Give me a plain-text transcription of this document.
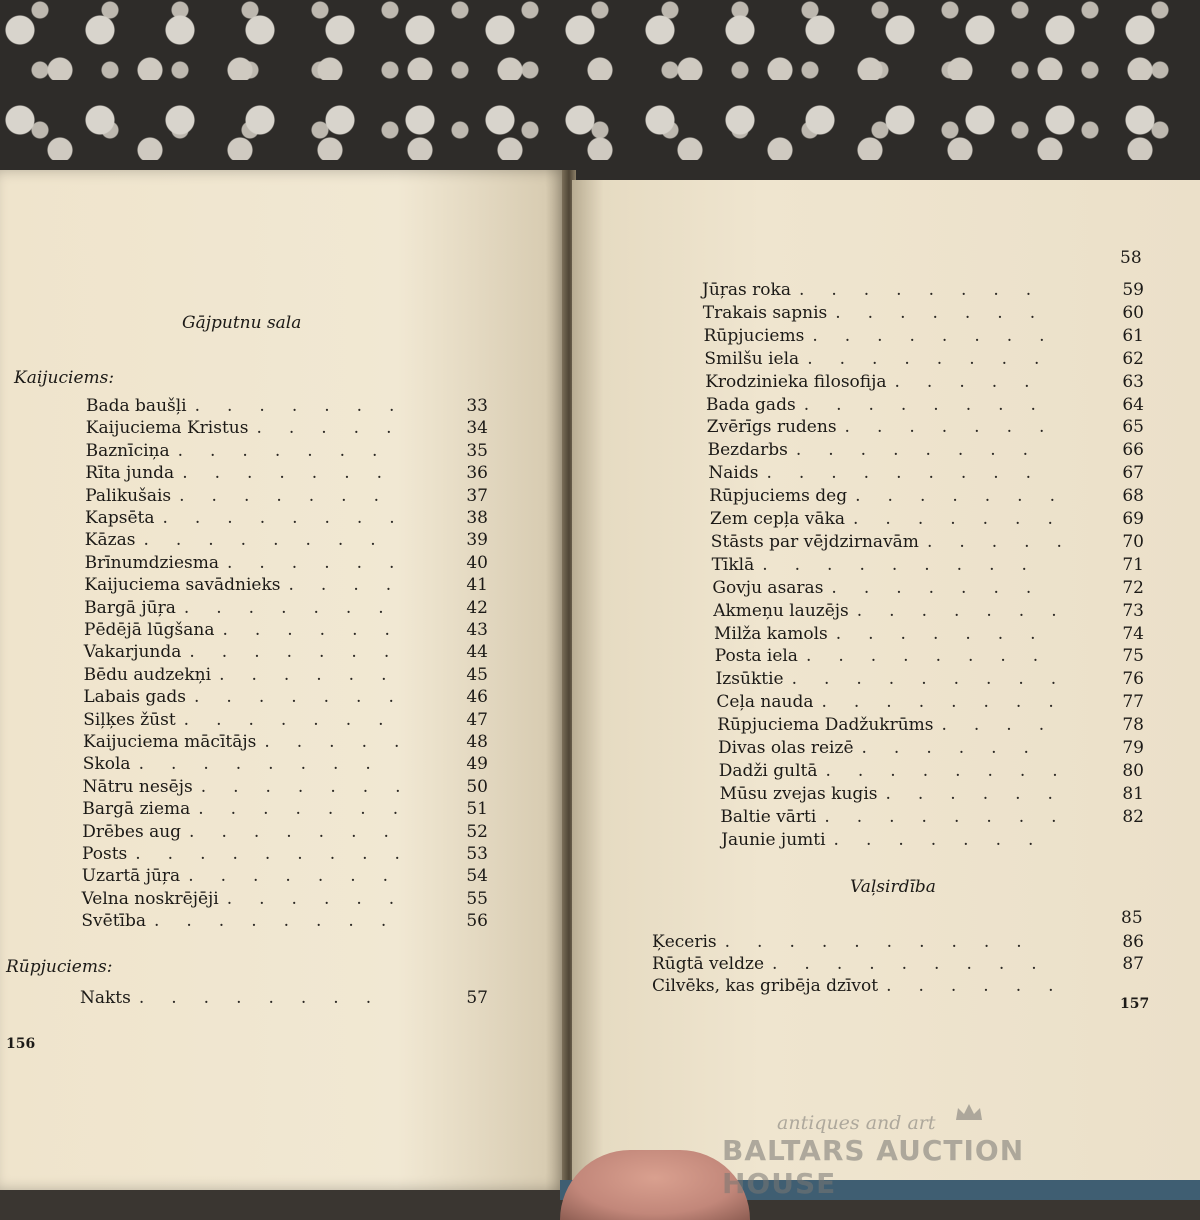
Gājputnu sala
Kaijuciems:
Bada baušļi .......	33
Kaijuciema Kristus .....	34
Baznīciņa .......	35
Rīta junda .......	36
Palikušais .......	37
Kapsēta ........	38
Kāzas ........	39
Brīnumdziesma ......	40
Kaijuciema savādnieks ....	41
Bargā jūŗa .......	42
Pēdējā lūgšana ......	43
Vakarjunda .......	44
Bēdu audzekņi ......	45
Labais gads .......	46
Siļķes žūst .......	47
Kaijuciema mācītājs .....	48
Skola ........	49
Nātru nesējs .......	50
Bargā ziema .......	51
Drēbes aug .......	52
Posts .........	53
Uzartā jūŗa .......	54
Velna noskrējēji ......	55
Svētība ........	56
Rūpjuciems:
Nakts ........	57
156
58
Jūŗas roka ........	59
Trakais sapnis .......	60
Rūpjuciems ........	61
Smilšu iela ........	62
Krodzinieka filosofija .....	63
Bada gads ........	64
Zvērīgs rudens .......	65
Bezdarbs ........	66
Naids .........	67
Rūpjuciems deg .......	68
Zem cepļa vāka .......	69
Stāsts par vējdzirnavām .....	70
Tīklā .........	71
Govju asaras .......	72
Akmeņu lauzējs .......	73
Milža kamols .......	74
Posta iela ........	75
Izsūktie .........	76
Ceļa nauda ........	77
Rūpjuciema Dadžukrūms ....	78
Divas olas reizē ......	79
Dadži gultā ........	80
Mūsu zvejas kugis ......	81
Baltie vārti ........	82
Jaunie jumti .......
Vaļsirdība
85
Ķeceris ..........	86
Rūgtā veldze .........	87
Cilvēks, kas gribēja dzīvot ......
157
antiques and art
BALTARS AUCTION HOUSE
